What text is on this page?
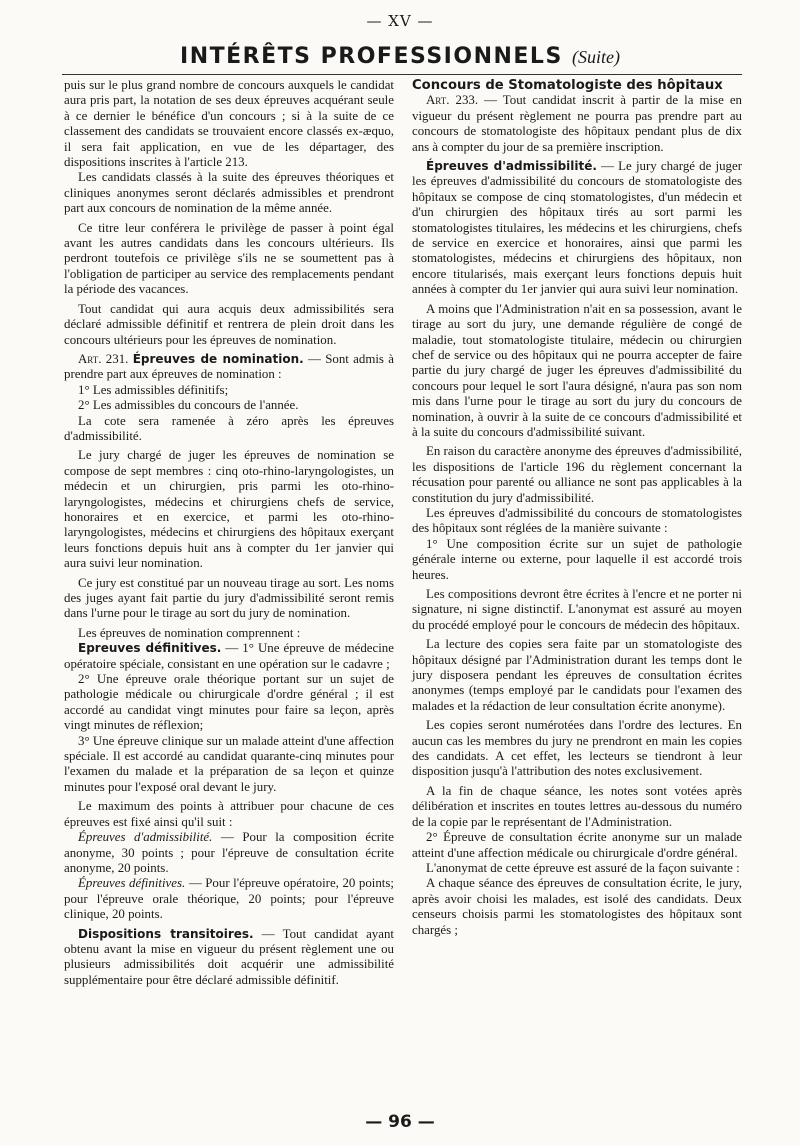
— XV —
INTÉRÊTS PROFESSIONNELS (Suite)

puis sur le plus grand nombre de concours auxquels le candidat aura pris part, la notation de ses deux épreuves acquérant seule à ce dernier le bénéfice d'un concours ; si à la suite de ce classement des candidats se trouvaient encore classés ex-æquo, il sera fait application, en vue de les départager, des dispositions inscrites à l'article 213.

Les candidats classés à la suite des épreuves théoriques et cliniques anonymes seront déclarés admissibles et prendront part aux concours de nomination de la même année.

Ce titre leur conférera le privilège de passer à point égal avant les autres candidats dans les concours ultérieurs. Ils perdront toutefois ce privilège s'ils ne se soumettent pas à l'obligation de participer au service des remplacements pendant la période des vacances.

Tout candidat qui aura acquis deux admissibilités sera déclaré admissible définitif et rentrera de plein droit dans les concours ultérieurs pour les épreuves de nomination.

Art. 231. Épreuves de nomination. — Sont admis à prendre part aux épreuves de nomination :

1° Les admissibles définitifs;

2° Les admissibles du concours de l'année.

La cote sera ramenée à zéro après les épreuves d'admissibilité.

Le jury chargé de juger les épreuves de nomination se compose de sept membres : cinq oto-rhino-laryngologistes, un médecin et un chirurgien, pris parmi les oto-rhino-laryngologistes, médecins et chirurgiens chefs de service, honoraires et en exercice, et parmi les oto-rhino-laryngologistes, médecins et chirurgiens des hôpitaux exerçant leurs fonctions depuis huit ans à compter du 1er janvier qui aura suivi leur nomination.

Ce jury est constitué par un nouveau tirage au sort. Les noms des juges ayant fait partie du jury d'admissibilité seront remis dans l'urne pour le tirage au sort du jury de nomination.

Les épreuves de nomination comprennent :

Epreuves définitives. — 1° Une épreuve de médecine opératoire spéciale, consistant en une opération sur le cadavre ;

2° Une épreuve orale théorique portant sur un sujet de pathologie médicale ou chirurgicale d'ordre général ; il est accordé au candidat vingt minutes pour faire sa leçon, après vingt minutes de réflexion;

3° Une épreuve clinique sur un malade atteint d'une affection spéciale. Il est accordé au candidat quarante-cinq minutes pour l'examen du malade et la préparation de sa leçon et quinze minutes pour l'exposé oral devant le jury.

Le maximum des points à attribuer pour chacune de ces épreuves est fixé ainsi qu'il suit :

Épreuves d'admissibilité. — Pour la composition écrite anonyme, 30 points ; pour l'épreuve de consultation écrite anonyme, 20 points.

Épreuves définitives. — Pour l'épreuve opératoire, 20 points; pour l'épreuve orale théorique, 20 points; pour l'épreuve clinique, 20 points.

Dispositions transitoires. — Tout candidat ayant obtenu avant la mise en vigueur du présent règlement une ou plusieurs admissibilités doit acquérir une admissibilité supplémentaire pour être déclaré admissible définitif.

Concours de Stomatologiste des hôpitaux

Art. 233. — Tout candidat inscrit à partir de la mise en vigueur du présent règlement ne pourra pas prendre part au concours de stomatologiste des hôpitaux pendant plus de dix ans à compter du jour de sa première inscription.

Épreuves d'admissibilité. — Le jury chargé de juger les épreuves d'admissibilité du concours de stomatologiste des hôpitaux se compose de cinq stomatologistes, d'un médecin et d'un chirurgien des hôpitaux tirés au sort parmi les stomatologistes titulaires, les médecins et les chirurgiens, chefs de service en exercice et honoraires, ainsi que parmi les stomatologistes, médecins et chirurgiens des hôpitaux, non encore titularisés, mais exerçant leurs fonctions depuis huit années à compter du 1er janvier qui aura suivi leur nomination.

A moins que l'Administration n'ait en sa possession, avant le tirage au sort du jury, une demande régulière de congé de maladie, tout stomatologiste titulaire, médecin ou chirurgien chef de service ou des hôpitaux qui ne pourra accepter de faire partie du jury chargé de juger les épreuves d'admissibilité du concours pour lequel le sort l'aura désigné, n'aura pas son nom mis dans l'urne pour le tirage au sort du jury du concours de nomination, à ouvrir à la suite de ce concours d'admissibilité et à la suite du concours d'admissibilité suivant.

En raison du caractère anonyme des épreuves d'admissibilité, les dispositions de l'article 196 du règlement concernant la récusation pour parenté ou alliance ne sont pas applicables à la constitution du jury d'admissibilité.

Les épreuves d'admissibilité du concours de stomatologistes des hôpitaux sont réglées de la manière suivante :

1° Une composition écrite sur un sujet de pathologie générale interne ou externe, pour laquelle il est accordé trois heures.

Les compositions devront être écrites à l'encre et ne porter ni signature, ni signe distinctif. L'anonymat est assuré au moyen du procédé employé pour le concours de médecin des hôpitaux.

La lecture des copies sera faite par un stomatologiste des hôpitaux désigné par l'Administration durant les temps dont le jury disposera pendant les épreuves de consultation écrites anonymes (temps employé par le candidats pour l'examen des malades et la rédaction de leur consultation écrite anonyme).

Les copies seront numérotées dans l'ordre des lectures. En aucun cas les membres du jury ne prendront en main les copies des candidats. A cet effet, les lecteurs se tiendront à leur disposition jusqu'à l'attribution des notes exclusivement.

A la fin de chaque séance, les notes sont votées après délibération et inscrites en toutes lettres au-dessous du numéro de la copie par le représentant de l'Administration.

2° Épreuve de consultation écrite anonyme sur un malade atteint d'une affection médicale ou chirurgicale d'ordre général.

L'anonymat de cette épreuve est assuré de la façon suivante :

A chaque séance des épreuves de consultation écrite, le jury, après avoir choisi les malades, est isolé des candidats. Deux censeurs choisis parmi les stomatologistes des hôpitaux sont chargés ;

— 96 —
